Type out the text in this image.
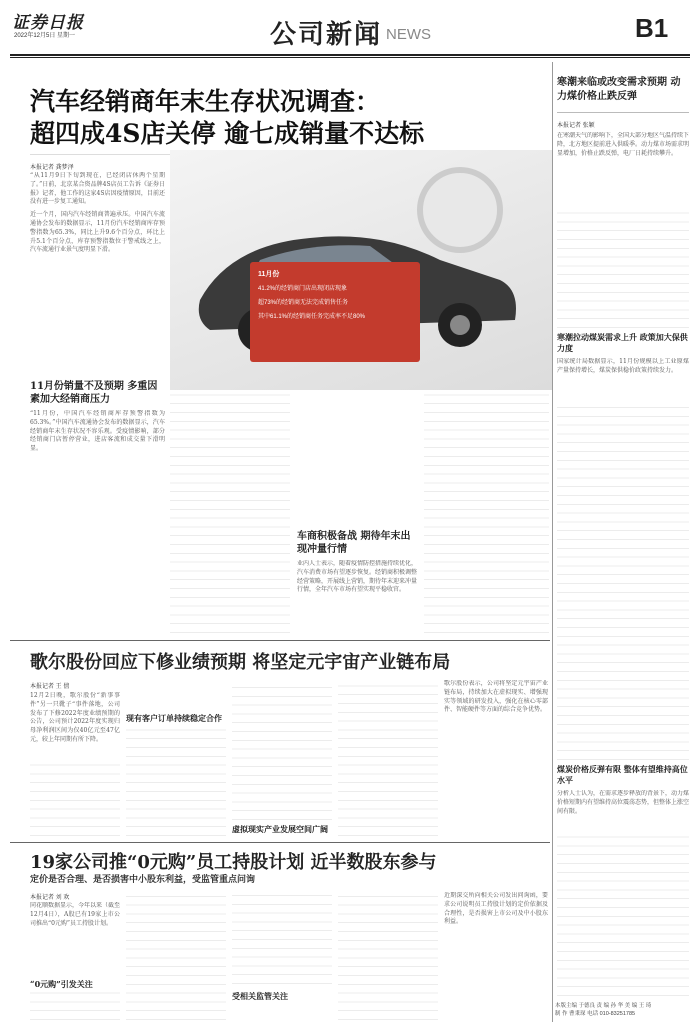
证券日报
2022年12月5日 星期一	公司新闻 NEWS	B1
汽车经销商年末生存状况调查：
超四成4S店关停 逾七成销量不达标
本报记者 龚梦泽
11月份
41.2%的经销商门店出现闭店现象
超73%的经销商无法完成销售任务
其中61.1%的经销商任务完成率不足80%

“从11月9日下旬到现在，已经闭店休两个星期了。”日前，北京某合资品牌4S店员工告诉《证券日报》记者，他工作的这家4S店因疫情原因，目前还没有进一步复工通知。

近一个月，国内汽车经销商普遍承压。中国汽车流通协会发布的数据显示，11月份汽车经销商库存预警指数为65.3%，同比上升9.6个百分点，环比上升5.1个百分点，库存预警指数位于警戒线之上，汽车流通行业景气度明显下滑。

11月份销量不及预期 多重因素加大经销商压力

“11月份，中国汽车经销商库存预警指数为65.3%。”中国汽车流通协会发布的数据显示，汽车经销商年末生存状况不容乐观。受疫情影响，部分经销商门店暂停营业，进店客流和成交量下滑明显。

车商积极备战 期待年末出现冲量行情

业内人士表示，随着疫情防控措施持续优化，汽车消费市场有望逐步恢复。经销商积极调整经营策略，开展线上营销，期待年末迎来冲量行情，全年汽车市场有望实现平稳收官。

歌尔股份回应下修业绩预期 将坚定元宇宙产业链布局
本报记者 王 僖

12月2日晚，歌尔股份“新事事件”另一只靴子“事件落地，公司发布了下修2022年度业绩预期的公告，公司预计2022年度实现归母净利润区间为仅40亿元至47亿元，较上年同期有所下降。

现有客户订单持续稳定合作
虚拟现实产业发展空间广阔

歌尔股份表示，公司将坚定元宇宙产业链布局，持续加大在虚拟现实、增强现实等领域的研发投入，强化在核心零部件、智能硬件等方面的综合竞争优势。

19家公司推“0元购”员工持股计划 近半数股东参与
定价是否合理、是否损害中小股东利益，受监管重点问询
本报记者 刘 欢

同花顺数据显示，今年以来（截至12月4日），A股已有19家上市公司推出“0元购”员工持股计划。

“0元购”引发关注
受相关监管关注

近期深交所向相关公司发出问询函，要求公司说明员工持股计划的定价依据及合理性，是否损害上市公司及中小股东利益。

寒潮来临或改变需求预期 动力煤价格止跌反弹
本报记者 张颖

在寒潮天气的影响下，全国大部分地区气温持续下降，北方地区提前进入供暖季。动力煤市场需求明显增加，价格止跌反弹，电厂日耗持续攀升。

寒潮拉动煤炭需求上升 政策加大保供力度

国家统计局数据显示，11月份规模以上工业原煤产量保持增长，煤炭保供稳价政策持续发力。

煤炭价格反弹有限 整体有望维持高位水平

分析人士认为，在需求逐步释放的背景下，动力煤价格短期内有望维持高位震荡态势，但整体上涨空间有限。

本版主编 于德良 责 编 孙 华 美 编 王 琦
制 作 曹秉琛 电话 010-83251785
